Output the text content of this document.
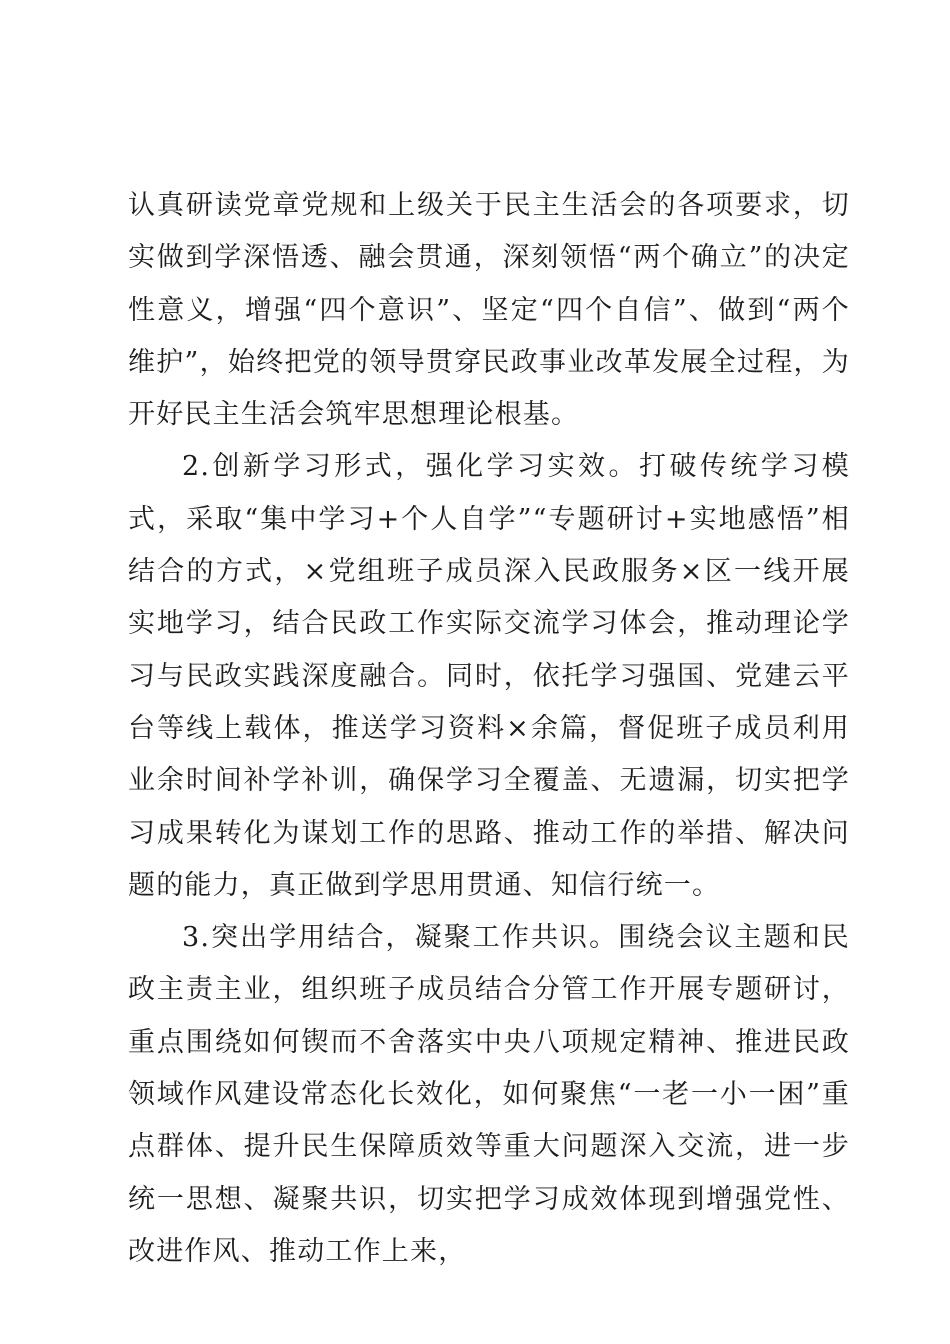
认真研读党章党规和上级关于民主生活会的各项要求，切实做到学深悟透、融会贯通，深刻领悟“两个确立”的决定性意义，增强“四个意识”、坚定“四个自信”、做到“两个维护”，始终把党的领导贯穿民政事业改革发展全过程，为开好民主生活会筑牢思想理论根基。

2.创新学习形式，强化学习实效。打破传统学习模式，采取“集中学习+个人自学”“专题研讨+实地感悟”相结合的方式，×党组班子成员深入民政服务×区一线开展实地学习，结合民政工作实际交流学习体会，推动理论学习与民政实践深度融合。同时，依托学习强国、党建云平台等线上载体，推送学习资料×余篇，督促班子成员利用业余时间补学补训，确保学习全覆盖、无遗漏，切实把学习成果转化为谋划工作的思路、推动工作的举措、解决问题的能力，真正做到学思用贯通、知信行统一。

3.突出学用结合，凝聚工作共识。围绕会议主题和民政主责主业，组织班子成员结合分管工作开展专题研讨，重点围绕如何锲而不舍落实中央八项规定精神、推进民政领域作风建设常态化长效化，如何聚焦“一老一小一困”重点群体、提升民生保障质效等重大问题深入交流，进一步统一思想、凝聚共识，切实把学习成效体现到增强党性、改进作风、推动工作上来，
